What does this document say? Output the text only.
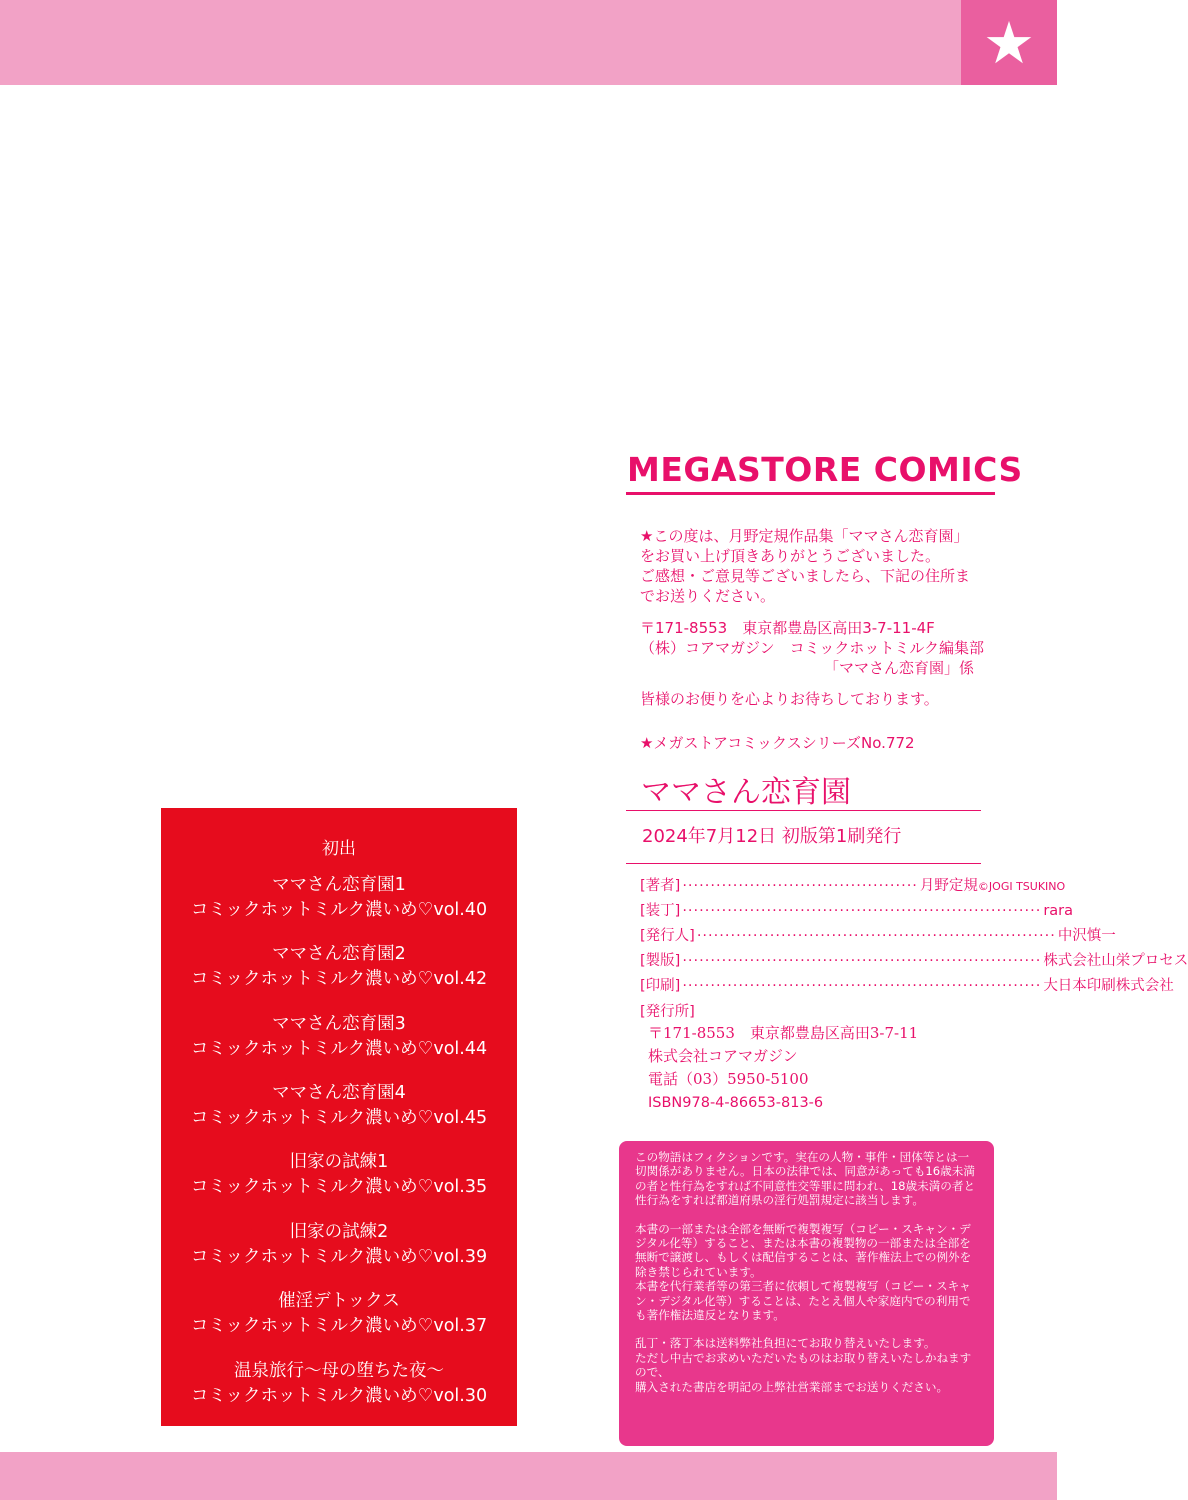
★
MEGASTORE COMICS
★この度は、月野定規作品集「ママさん恋育園」
をお買い上げ頂きありがとうございました。
ご感想・ご意見等ございましたら、下記の住所ま
でお送りください。
〒171-8553　東京都豊島区高田3-7-11-4F
（株）コアマガジン　コミックホットミルク編集部
「ママさん恋育園」係
皆様のお便りを心よりお待ちしております。
★メガストアコミックスシリーズNo.772
ママさん恋育園
2024年7月12日 初版第1刷発行
[著者] ·········································· 月野定規©JOGI TSUKINO
[装丁] ································································ rara
[発行人] ································································ 中沢慎一
[製版] ································································ 株式会社山栄プロセス
[印刷] ································································ 大日本印刷株式会社
[発行所]
〒171-8553　東京都豊島区高田3-7-11
株式会社コアマガジン
電話（03）5950-5100
ISBN978-4-86653-813-6

この物語はフィクションです。実在の人物・事件・団体等とは一切関係がありません。日本の法律では、同意があっても16歳未満の者と性行為をすれば不同意性交等罪に問われ、18歳未満の者と性行為をすれば都道府県の淫行処罰規定に該当します。

本書の一部または全部を無断で複製複写（コピー・スキャン・デジタル化等）すること、または本書の複製物の一部または全部を無断で譲渡し、もしくは配信することは、著作権法上での例外を除き禁じられています。
本書を代行業者等の第三者に依頼して複製複写（コピー・スキャン・デジタル化等）することは、たとえ個人や家庭内での利用でも著作権法違反となります。

乱丁・落丁本は送料弊社負担にてお取り替えいたします。
ただし中古でお求めいただいたものはお取り替えいたしかねますので、
購入された書店を明記の上弊社営業部までお送りください。

初出
ママさん恋育園1
コミックホットミルク濃いめ♡vol.40
ママさん恋育園2
コミックホットミルク濃いめ♡vol.42
ママさん恋育園3
コミックホットミルク濃いめ♡vol.44
ママさん恋育園4
コミックホットミルク濃いめ♡vol.45
旧家の試練1
コミックホットミルク濃いめ♡vol.35
旧家の試練2
コミックホットミルク濃いめ♡vol.39
催淫デトックス
コミックホットミルク濃いめ♡vol.37
温泉旅行〜母の堕ちた夜〜
コミックホットミルク濃いめ♡vol.30
